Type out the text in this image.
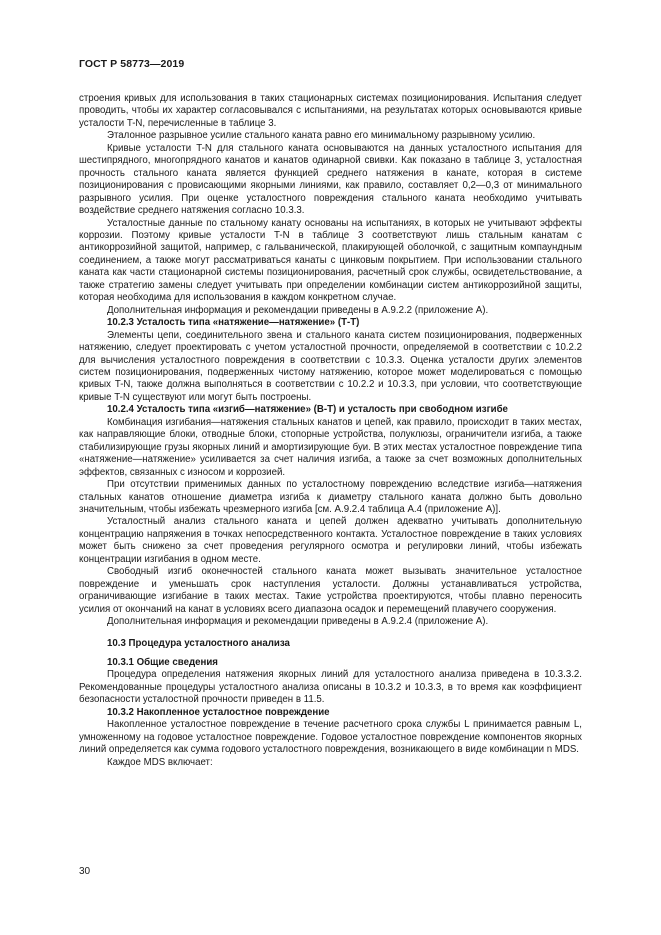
ГОСТ Р 58773—2019

строения кривых для использования в таких стационарных системах позиционирования. Испытания следует проводить, чтобы их характер согласовывался с испытаниями, на результатах которых основываются кривые усталости T-N, перечисленные в таблице 3.

Эталонное разрывное усилие стального каната равно его минимальному разрывному усилию.

Кривые усталости T-N для стального каната основываются на данных усталостного испытания для шестипрядного, многопрядного канатов и канатов одинарной свивки. Как показано в таблице 3, усталостная прочность стального каната является функцией среднего натяжения в канате, которая в системе позиционирования с провисающими якорными линиями, как правило, составляет 0,2—0,3 от минимального разрывного усилия. При оценке усталостного повреждения стального каната необходимо учитывать воздействие среднего натяжения согласно 10.3.3.

Усталостные данные по стальному канату основаны на испытаниях, в которых не учитывают эффекты коррозии. Поэтому кривые усталости T-N в таблице 3 соответствуют лишь стальным канатам с антикоррозийной защитой, например, с гальванической, плакирующей оболочкой, с защитным компаундным соединением, а также могут рассматриваться канаты с цинковым покрытием. При использовании стального каната как части стационарной системы позиционирования, расчетный срок службы, освидетельствование, а также стратегию замены следует учитывать при определении комбинации систем антикоррозийной защиты, которая необходима для использования в каждом конкретном случае.

Дополнительная информация и рекомендации приведены в А.9.2.2 (приложение А).

10.2.3 Усталость типа «натяжение—натяжение» (Т-Т)

Элементы цепи, соединительного звена и стального каната систем позиционирования, подверженных натяжению, следует проектировать с учетом усталостной прочности, определяемой в соответствии с 10.2.2 для вычисления усталостного повреждения в соответствии с 10.3.3. Оценка усталости других элементов систем позиционирования, подверженных чистому натяжению, которое может моделироваться с помощью кривых T-N, также должна выполняться в соответствии с 10.2.2 и 10.3.3, при условии, что соответствующие кривые T-N существуют или могут быть построены.

10.2.4 Усталость типа «изгиб—натяжение» (В-Т) и усталость при свободном изгибе

Комбинация изгибания—натяжения стальных канатов и цепей, как правило, происходит в таких местах, как направляющие блоки, отводные блоки, стопорные устройства, полуклюзы, ограничители изгиба, а также стабилизирующие грузы якорных линий и амортизирующие буи. В этих местах усталостное повреждение типа «натяжение—натяжение» усиливается за счет наличия изгиба, а также за счет возможных дополнительных эффектов, связанных с износом и коррозией.

При отсутствии применимых данных по усталостному повреждению вследствие изгиба—натяжения стальных канатов отношение диаметра изгиба к диаметру стального каната должно быть довольно значительным, чтобы избежать чрезмерного изгиба [см. А.9.2.4 таблица А.4 (приложение А)].

Усталостный анализ стального каната и цепей должен адекватно учитывать дополнительную концентрацию напряжения в точках непосредственного контакта. Усталостное повреждение в таких условиях может быть снижено за счет проведения регулярного осмотра и регулировки линий, чтобы избежать концентрации изгибания в одном месте.

Свободный изгиб оконечностей стального каната может вызывать значительное усталостное повреждение и уменьшать срок наступления усталости. Должны устанавливаться устройства, ограничивающие изгибание в таких местах. Такие устройства проектируются, чтобы плавно переносить усилия от окончаний на канат в условиях всего диапазона осадок и перемещений плавучего сооружения.

Дополнительная информация и рекомендации приведены в А.9.2.4 (приложение А).

10.3 Процедура усталостного анализа

10.3.1 Общие сведения

Процедура определения натяжения якорных линий для усталостного анализа приведена в 10.3.3.2. Рекомендованные процедуры усталостного анализа описаны в 10.3.2 и 10.3.3, в то время как коэффициент безопасности усталостной прочности приведен в 11.5.

10.3.2 Накопленное усталостное повреждение

Накопленное усталостное повреждение в течение расчетного срока службы L принимается равным L, умноженному на годовое усталостное повреждение. Годовое усталостное повреждение компонентов якорных линий определяется как сумма годового усталостного повреждения, возникающего в виде комбинации n MDS.

Каждое MDS включает:

30
